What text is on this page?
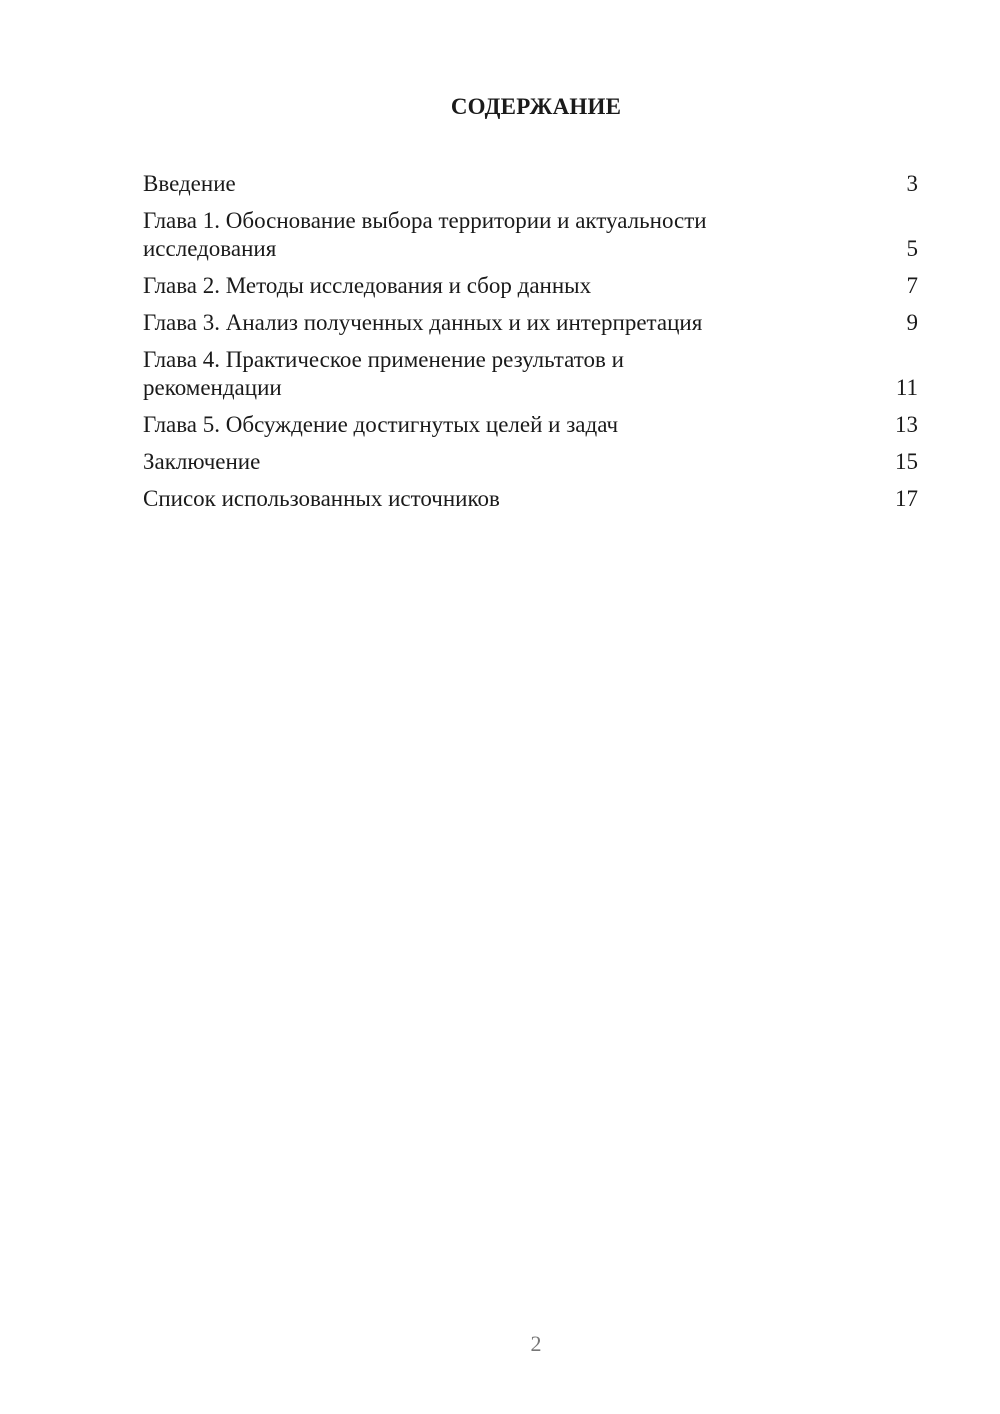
СОДЕРЖАНИЕ
Введение	3
Глава 1. Обоснование выбора территории и актуальности
исследования	5
Глава 2. Методы исследования и сбор данных	7
Глава 3. Анализ полученных данных и их интерпретация	9
Глава 4. Практическое применение результатов и
рекомендации	11
Глава 5. Обсуждение достигнутых целей и задач	13
Заключение	15
Список использованных источников	17
2
